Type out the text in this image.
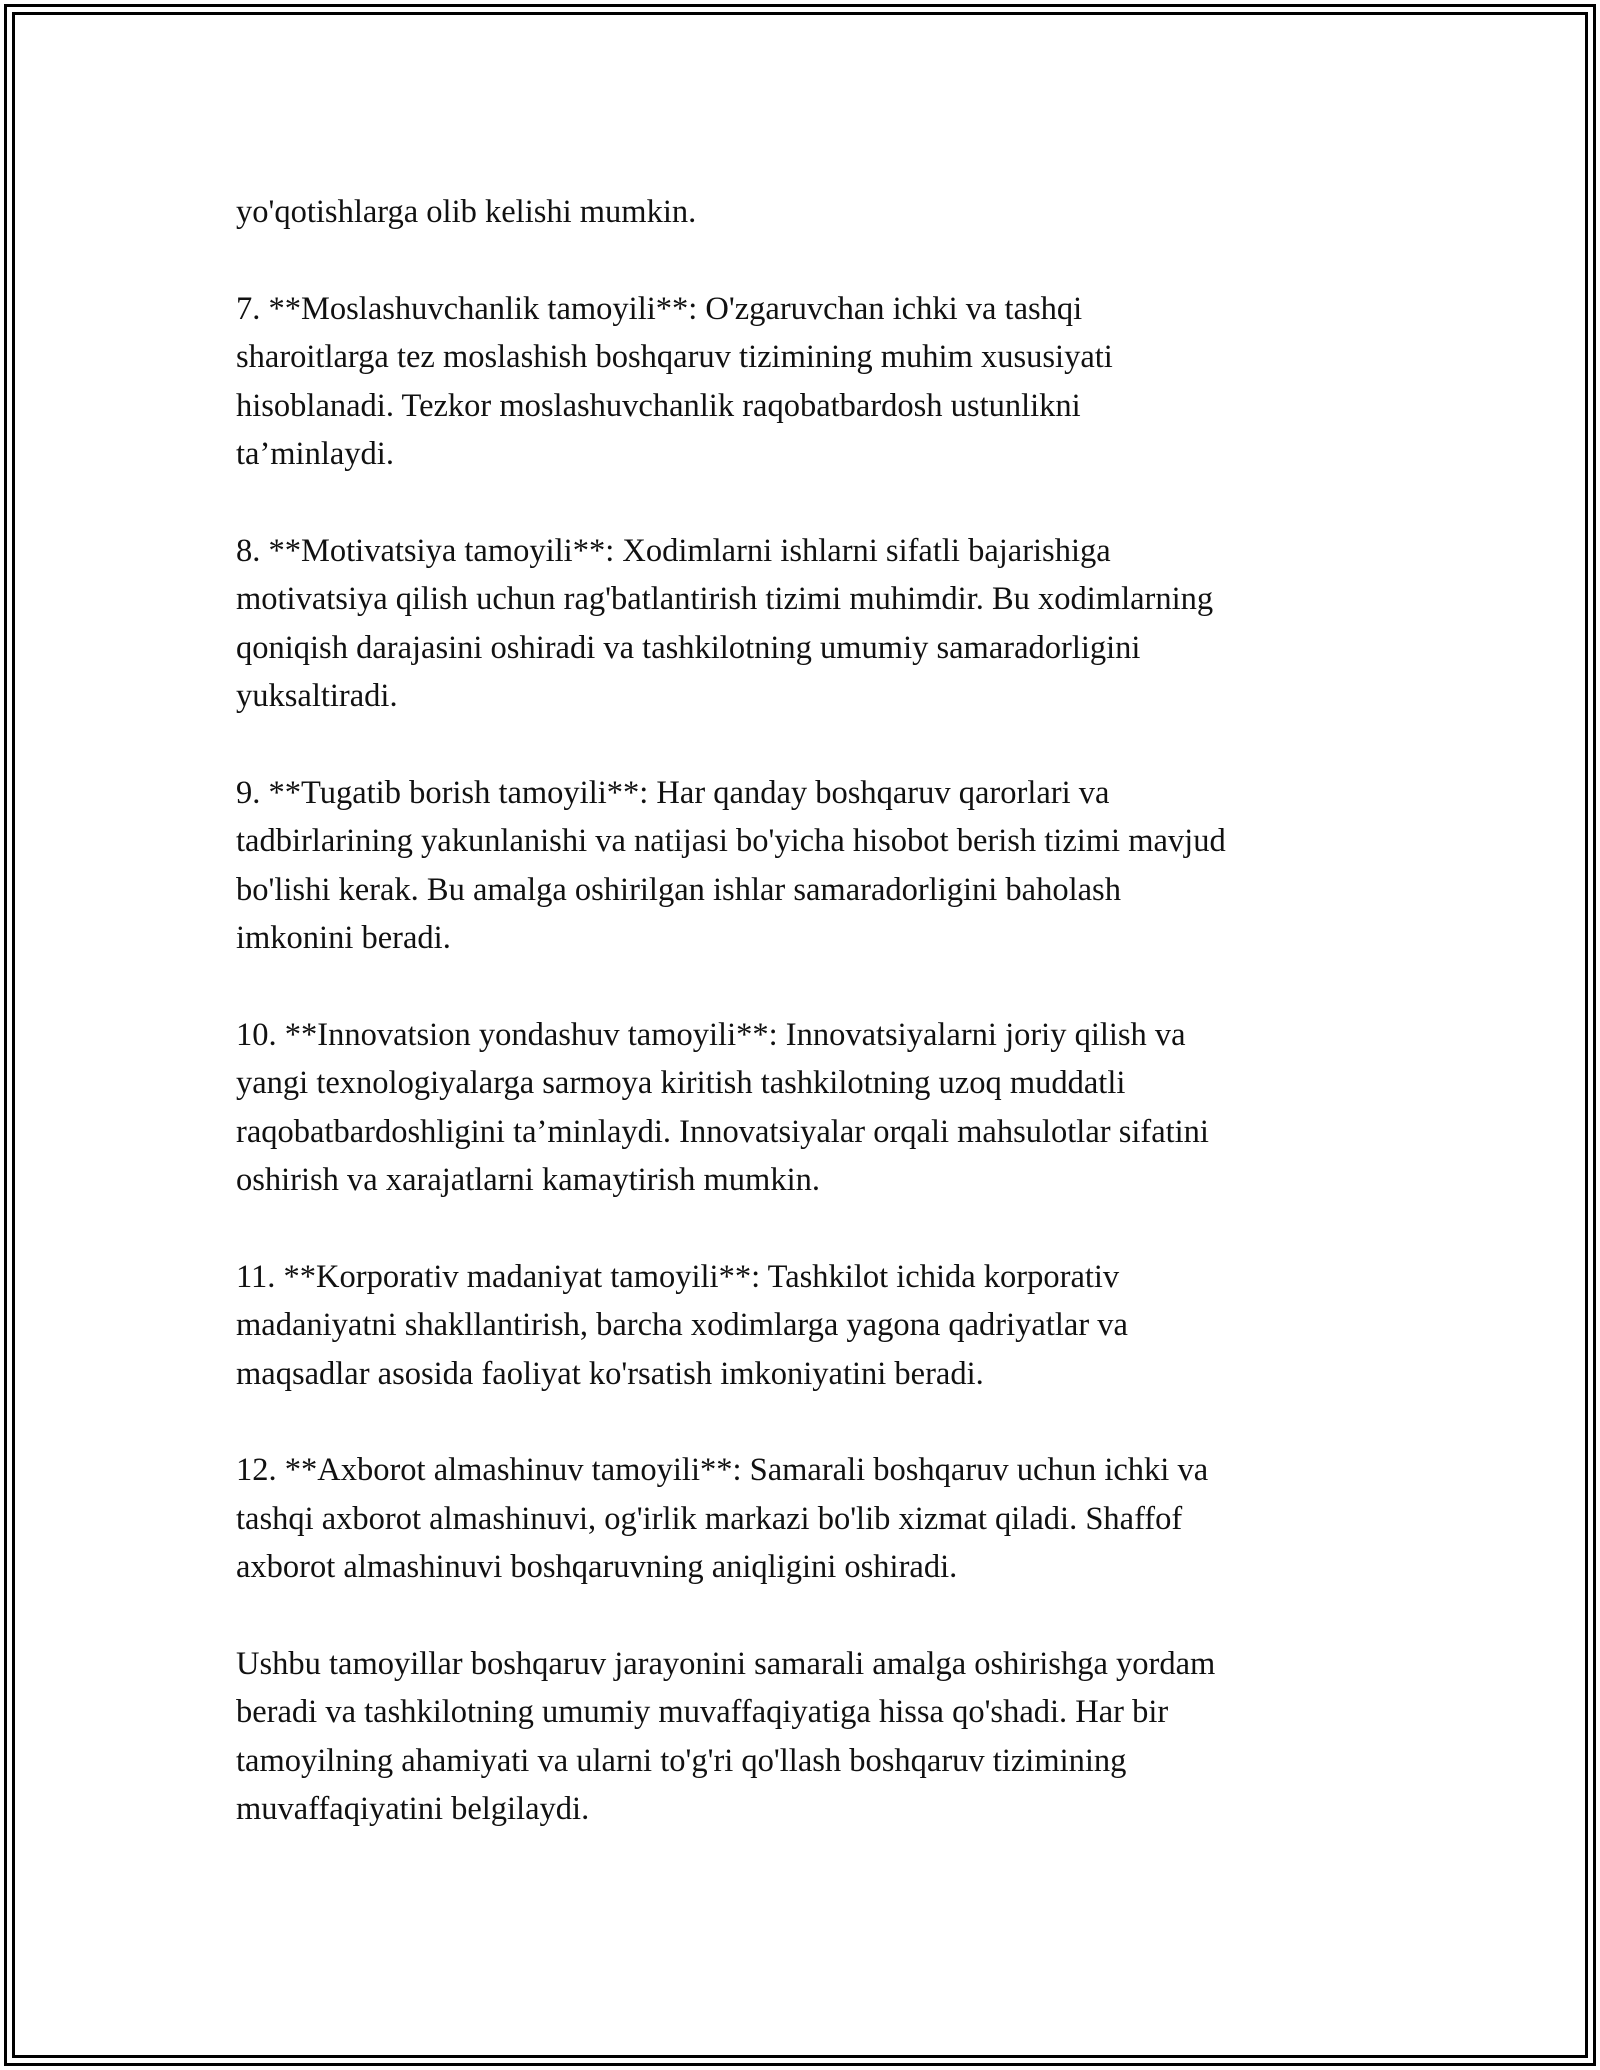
yo'qotishlarga olib kelishi mumkin.

7. **Moslashuvchanlik tamoyili**: O'zgaruvchan ichki va tashqi
sharoitlarga tez moslashish boshqaruv tizimining muhim xususiyati
hisoblanadi. Tezkor moslashuvchanlik raqobatbardosh ustunlikni
ta’minlaydi.

8. **Motivatsiya tamoyili**: Xodimlarni ishlarni sifatli bajarishiga
motivatsiya qilish uchun rag'batlantirish tizimi muhimdir. Bu xodimlarning
qoniqish darajasini oshiradi va tashkilotning umumiy samaradorligini
yuksaltiradi.

9. **Tugatib borish tamoyili**: Har qanday boshqaruv qarorlari va
tadbirlarining yakunlanishi va natijasi bo'yicha hisobot berish tizimi mavjud
bo'lishi kerak. Bu amalga oshirilgan ishlar samaradorligini baholash
imkonini beradi.

10. **Innovatsion yondashuv tamoyili**: Innovatsiyalarni joriy qilish va
yangi texnologiyalarga sarmoya kiritish tashkilotning uzoq muddatli
raqobatbardoshligini ta’minlaydi. Innovatsiyalar orqali mahsulotlar sifatini
oshirish va xarajatlarni kamaytirish mumkin.

11. **Korporativ madaniyat tamoyili**: Tashkilot ichida korporativ
madaniyatni shakllantirish, barcha xodimlarga yagona qadriyatlar va
maqsadlar asosida faoliyat ko'rsatish imkoniyatini beradi.

12. **Axborot almashinuv tamoyili**: Samarali boshqaruv uchun ichki va
tashqi axborot almashinuvi, og'irlik markazi bo'lib xizmat qiladi. Shaffof
axborot almashinuvi boshqaruvning aniqligini oshiradi.

Ushbu tamoyillar boshqaruv jarayonini samarali amalga oshirishga yordam
beradi va tashkilotning umumiy muvaffaqiyatiga hissa qo'shadi. Har bir
tamoyilning ahamiyati va ularni to'g'ri qo'llash boshqaruv tizimining
muvaffaqiyatini belgilaydi.
